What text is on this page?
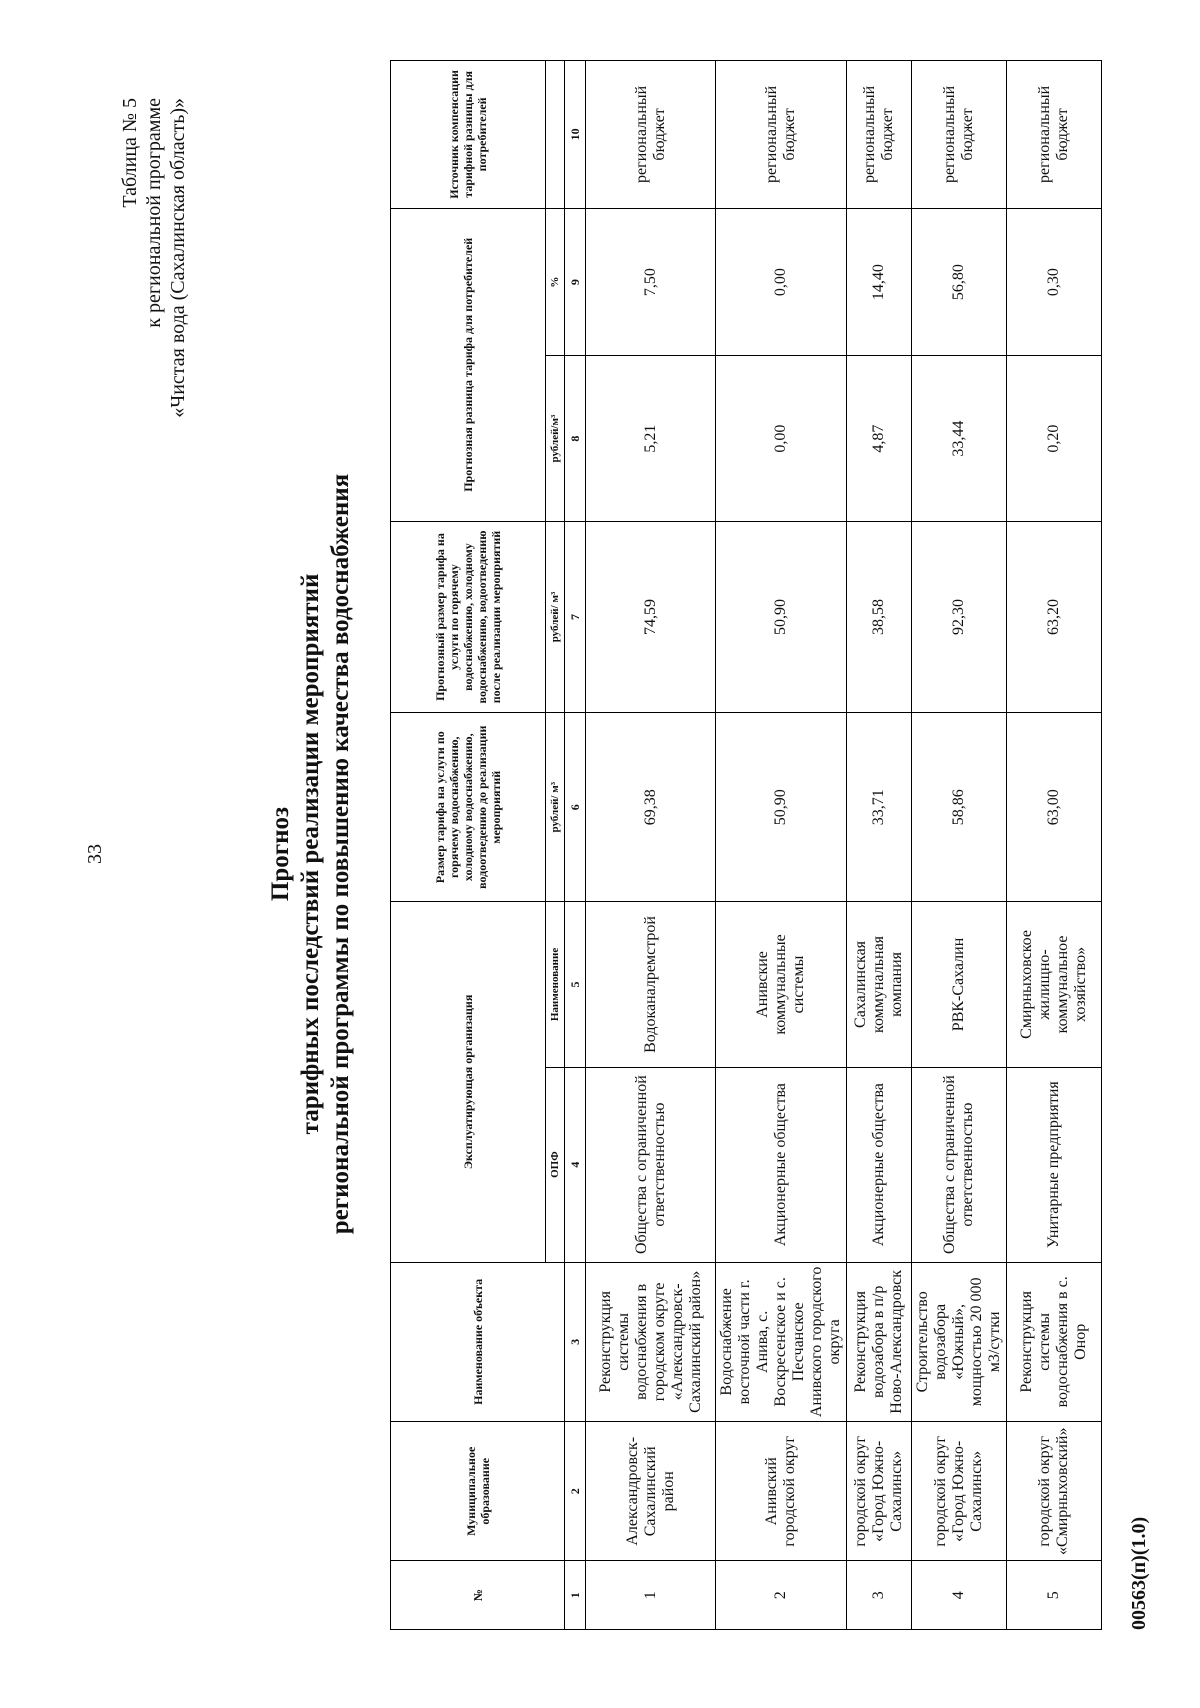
33
Таблица № 5 к региональной программе «Чистая вода (Сахалинская область)»
Прогноз тарифных последствий реализации мероприятий региональной программы по повышению качества водоснабжения
№	Муниципальное образование	Наименование объекта	Эксплуатирующая организация		Размер тарифа на услуги по горячему водоснабжению, холодному водоснабжению, водоотведению до реализации мероприятий	Прогнозный размер тарифа на услуги по горячему водоснабжению, холодному водоснабжению, водоотведению после реализации мероприятий	Прогнозная разница тарифа для потребителей		Источник компенсации тарифной разницы для потребителей
			ОПФ	Наименование	рублей/ м³	рублей/ м³	рублей/м³	%	
1	2	3	4	5	6	7	8	9	10
1	Александровск-Сахалинский район	Реконструкция системы водоснабжения в городском округе «Александровск-Сахалинский район»	Общества с ограниченной ответственностью	Водоканалремстрой	69,38	74,59	5,21	7,50	региональный бюджет
2	Анивский городской округ	Водоснабжение восточной части г. Анива, с. Воскресенское и с. Песчанское Анивского городского округа	Акционерные общества	Анивские коммунальные системы	50,90	50,90	0,00	0,00	региональный бюджет
3	городской округ «Город Южно-Сахалинск»	Реконструкция водозабора в п/р Ново-Александровск	Акционерные общества	Сахалинская коммунальная компания	33,71	38,58	4,87	14,40	региональный бюджет
4	городской округ «Город Южно-Сахалинск»	Строительство водозабора «Южный», мощностью 20 000 м3/сутки	Общества с ограниченной ответственностью	РВК-Сахалин	58,86	92,30	33,44	56,80	региональный бюджет
5	городской округ «Смирныховский»	Реконструкция системы водоснабжения в с. Онор	Унитарные предприятия	Смирныховское жилищно-коммунальное хозяйство»	63,00	63,20	0,20	0,30	региональный бюджет
00563(п)(1.0)
